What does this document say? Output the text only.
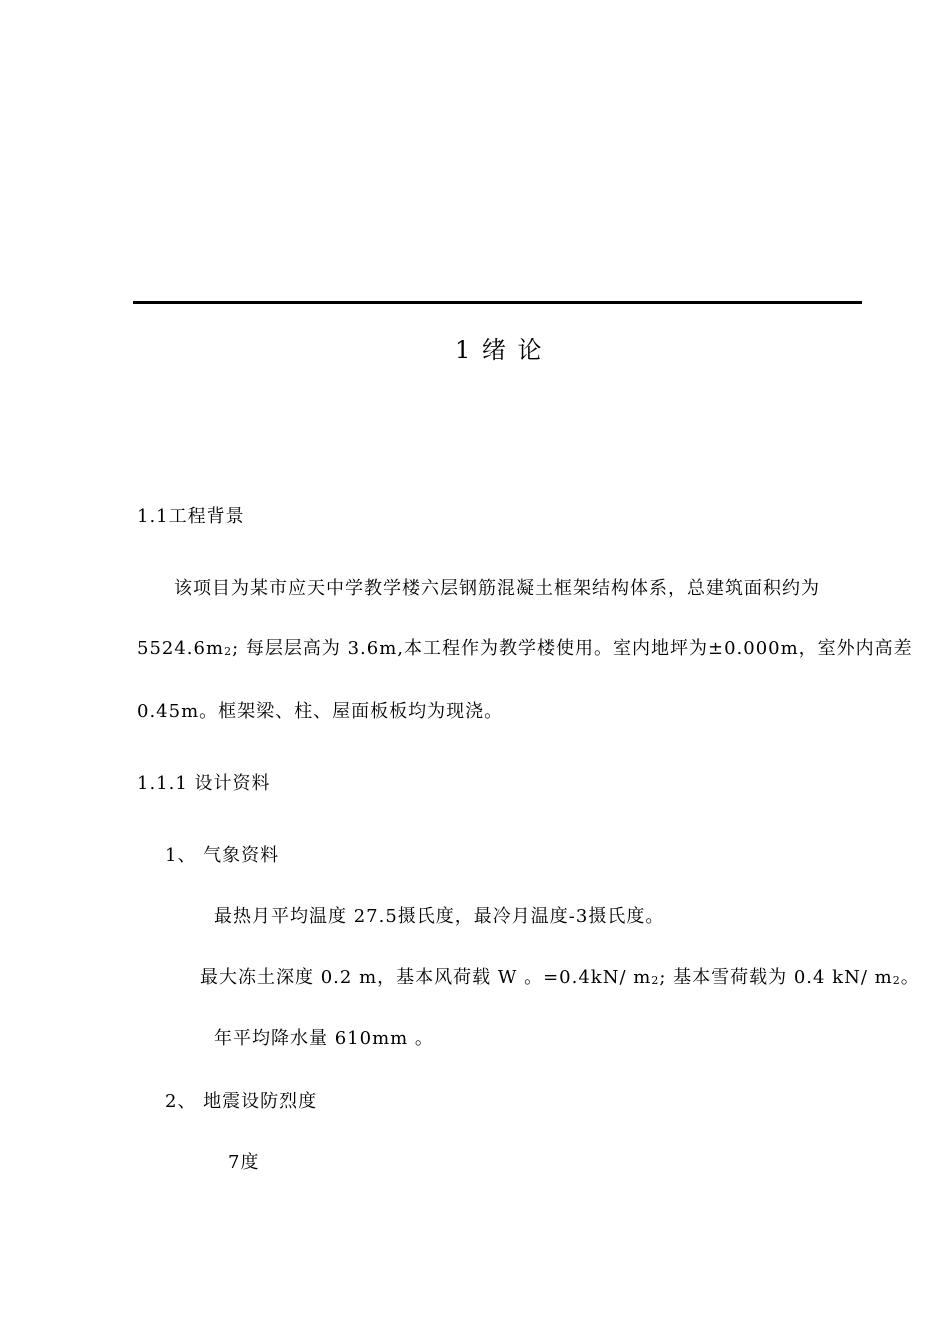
1 绪 论
1.1工程背景
该项目为某市应天中学教学楼六层钢筋混凝土框架结构体系，总建筑面积约为
$5524.6m_2$; 每层层高为 3.6m,本工程作为教学楼使用。室内地坪为±0.000m，室外内高差
0.45m。框架梁、柱、屋面板板均为现浇。
1.1.1 设计资料
1、 气象资料
最热月平均温度 27.5摄氏度，最冷月温度-3摄氏度。
最大冻土深度 0.2 m，基本风荷载 W 。=0.4kN/ $m_2$; 基本雪荷载为 0.4 kN/ $m_2$。
年平均降水量 610mm 。
2、 地震设防烈度
7度
